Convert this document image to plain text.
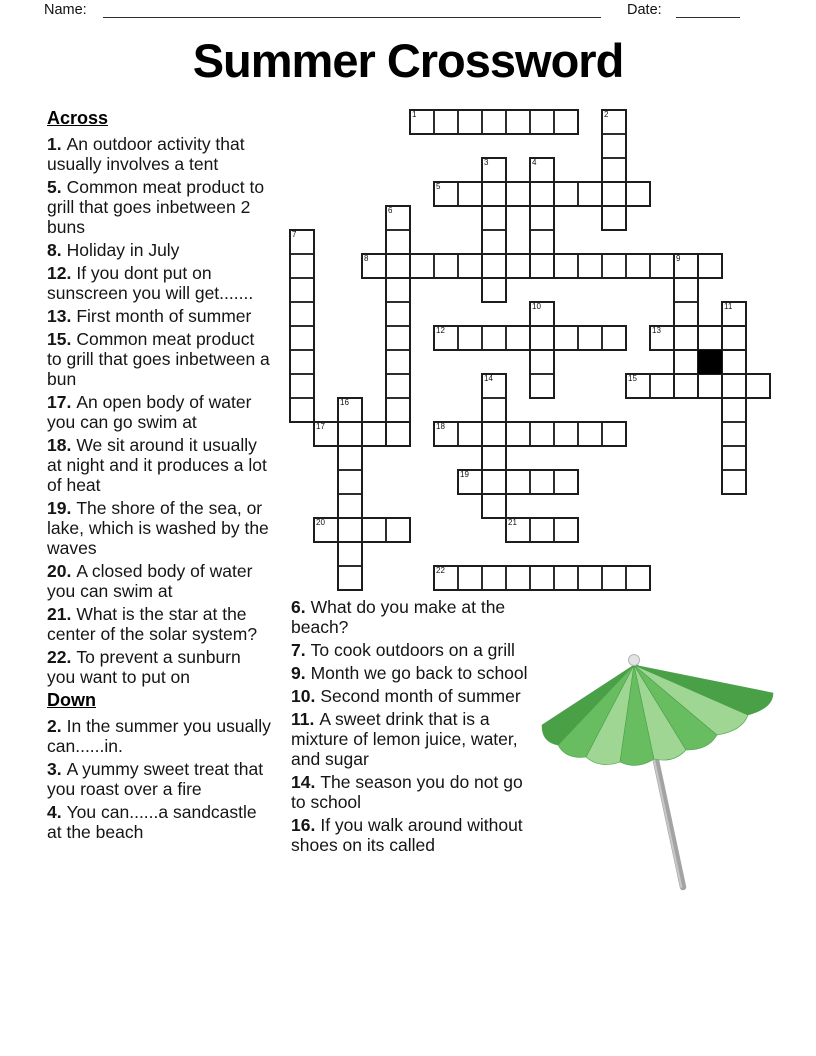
Name:	Date:
Summer Crossword
Across
1. An outdoor activity that usually involves a tent
5. Common meat product to grill that goes inbetween 2 buns
8. Holiday in July
12. If you dont put on sunscreen you will get.......
13. First month of summer
15. Common meat product to grill that goes inbetween a bun
17. An open body of water you can go swim at
18. We sit around it usually at night and it produces a lot of heat
19. The shore of the sea, or lake, which is washed by the waves
20. A closed body of water you can swim at
21. What is the star at the center of the solar system?
22. To prevent a sunburn you want to put on
Down
2. In the summer you usually can......in.
3. A yummy sweet treat that you roast over a fire
4. You can......a sandcastle at the beach
6. What do you make at the beach?
7. To cook outdoors on a grill
9. Month we go back to school
10. Second month of summer
11. A sweet drink that is a mixture of lemon juice, water, and sugar
14. The season you do not go to school
16. If you walk around without shoes on its called
1
5
8
12	13
15
17	18
19
20	21
22
2
3	4
6
7
9
10	11
14
16
